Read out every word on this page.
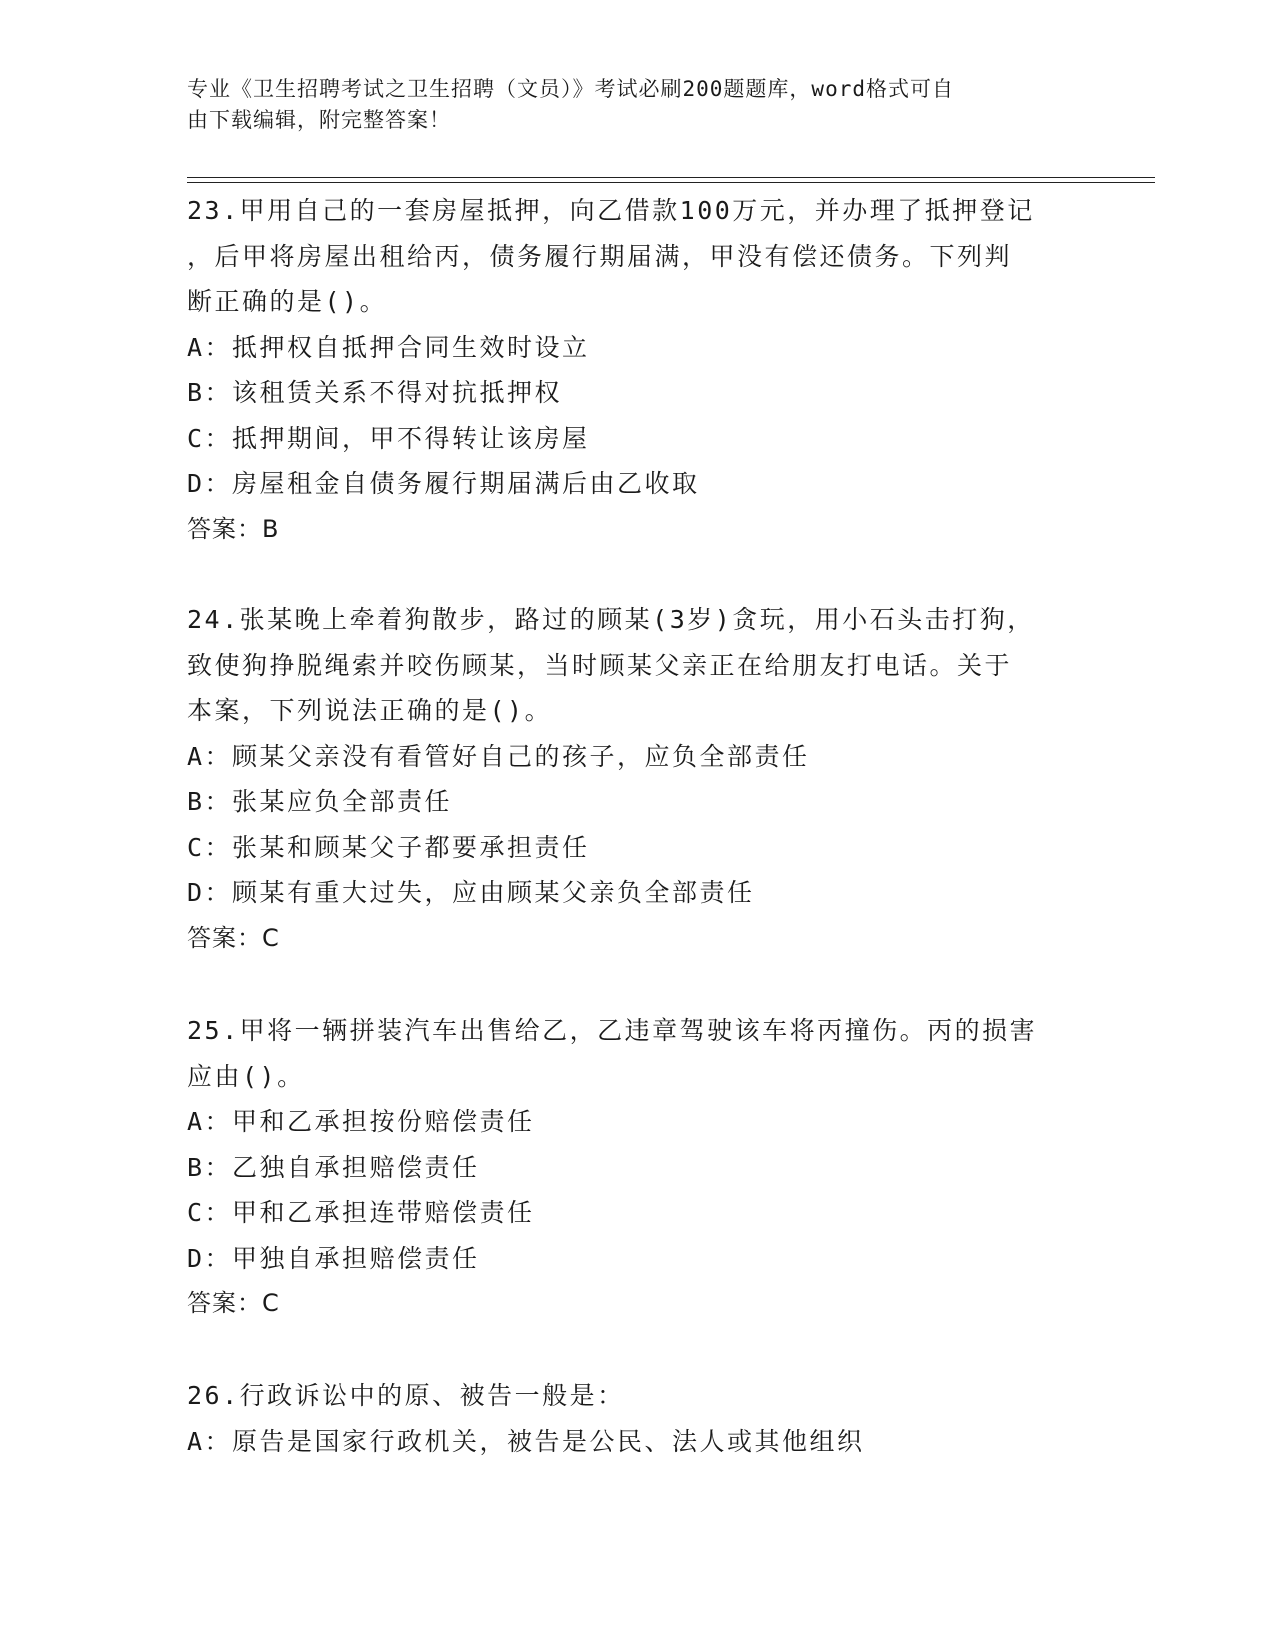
专业《卫生招聘考试之卫生招聘（文员）》考试必刷200题题库，word格式可自
由下载编辑，附完整答案！
23.甲用自己的一套房屋抵押，向乙借款100万元，并办理了抵押登记
，后甲将房屋出租给丙，债务履行期届满，甲没有偿还债务。下列判
断正确的是()。
A：抵押权自抵押合同生效时设立
B：该租赁关系不得对抗抵押权
C：抵押期间，甲不得转让该房屋
D：房屋租金自债务履行期届满后由乙收取
答案：B
24.张某晚上牵着狗散步，路过的顾某(3岁)贪玩，用小石头击打狗，
致使狗挣脱绳索并咬伤顾某，当时顾某父亲正在给朋友打电话。关于
本案，下列说法正确的是()。
A：顾某父亲没有看管好自己的孩子，应负全部责任
B：张某应负全部责任
C：张某和顾某父子都要承担责任
D：顾某有重大过失，应由顾某父亲负全部责任
答案：C
25.甲将一辆拼装汽车出售给乙，乙违章驾驶该车将丙撞伤。丙的损害
应由()。
A：甲和乙承担按份赔偿责任
B：乙独自承担赔偿责任
C：甲和乙承担连带赔偿责任
D：甲独自承担赔偿责任
答案：C
26.行政诉讼中的原、被告一般是：
A：原告是国家行政机关，被告是公民、法人或其他组织
